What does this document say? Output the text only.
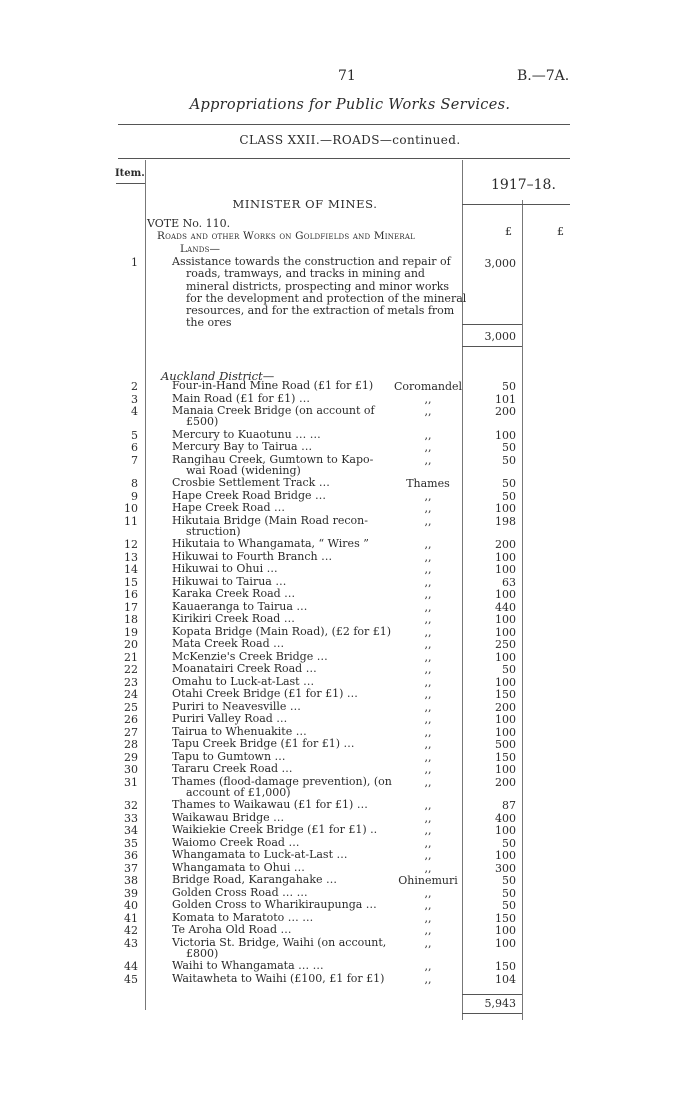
71	B.—7A.
Appropriations for Public Works Services.
CLASS XXII.—ROADS—continued.
Item.
1917–18.
MINISTER OF MINES.
£	£
VOTE No. 110.
Roads and other Works on Goldfields and Mineral
Lands—
1	Assistance towards the construction and repair of
roads, tramways, and tracks in mining and
mineral districts, prospecting and minor works
for the development and protection of the mineral
resources, and for the extraction of metals from
the ores
3,000
3,000
Auckland District—
2	Four-in-Hand Mine Road (£1 for £1)	Coromandel	50
3	Main Road (£1 for £1) …	,,	101
4	Manaia Creek Bridge (on account of
£500)
,,	200
5	Mercury to Kuaotunu … …	,,	100
6	Mercury Bay to Tairua …	,,	50
7	Rangihau Creek, Gumtown to Kapo-
wai Road (widening)
,,	50
8	Crosbie Settlement Track …	Thames	50
9	Hape Creek Road Bridge …	,,	50
10	Hape Creek Road …	,,	100
11	Hikutaia Bridge (Main Road recon-
struction)
,,	198
12	Hikutaia to Whangamata, “ Wires ”	,,	200
13	Hikuwai to Fourth Branch …	,,	100
14	Hikuwai to Ohui …	,,	100
15	Hikuwai to Tairua …	,,	63
16	Karaka Creek Road …	,,	100
17	Kauaeranga to Tairua …	,,	440
18	Kirikiri Creek Road …	,,	100
19	Kopata Bridge (Main Road), (£2 for £1)	,,	100
20	Mata Creek Road …	,,	250
21	McKenzie's Creek Bridge …	,,	100
22	Moanatairi Creek Road …	,,	50
23	Omahu to Luck-at-Last …	,,	100
24	Otahi Creek Bridge (£1 for £1) …	,,	150
25	Puriri to Neavesville …	,,	200
26	Puriri Valley Road …	,,	100
27	Tairua to Whenuakite …	,,	100
28	Tapu Creek Bridge (£1 for £1) …	,,	500
29	Tapu to Gumtown …	,,	150
30	Tararu Creek Road …	,,	100
31	Thames (flood-damage prevention), (on
account of £1,000)
,,	200
32	Thames to Waikawau (£1 for £1) …	,,	87
33	Waikawau Bridge …	,,	400
34	Waikiekie Creek Bridge (£1 for £1) ..	,,	100
35	Waiomo Creek Road …	,,	50
36	Whangamata to Luck-at-Last …	,,	100
37	Whangamata to Ohui …	,,	300
38	Bridge Road, Karangahake …	Ohinemuri	50
39	Golden Cross Road … …	,,	50
40	Golden Cross to Wharikiraupunga …	,,	50
41	Komata to Maratoto … …	,,	150
42	Te Aroha Old Road …	,,	100
43	Victoria St. Bridge, Waihi (on account,
£800)
,,	100
44	Waihi to Whangamata … …	,,	150
45	Waitawheta to Waihi (£100, £1 for £1)	,,	104
5,943
